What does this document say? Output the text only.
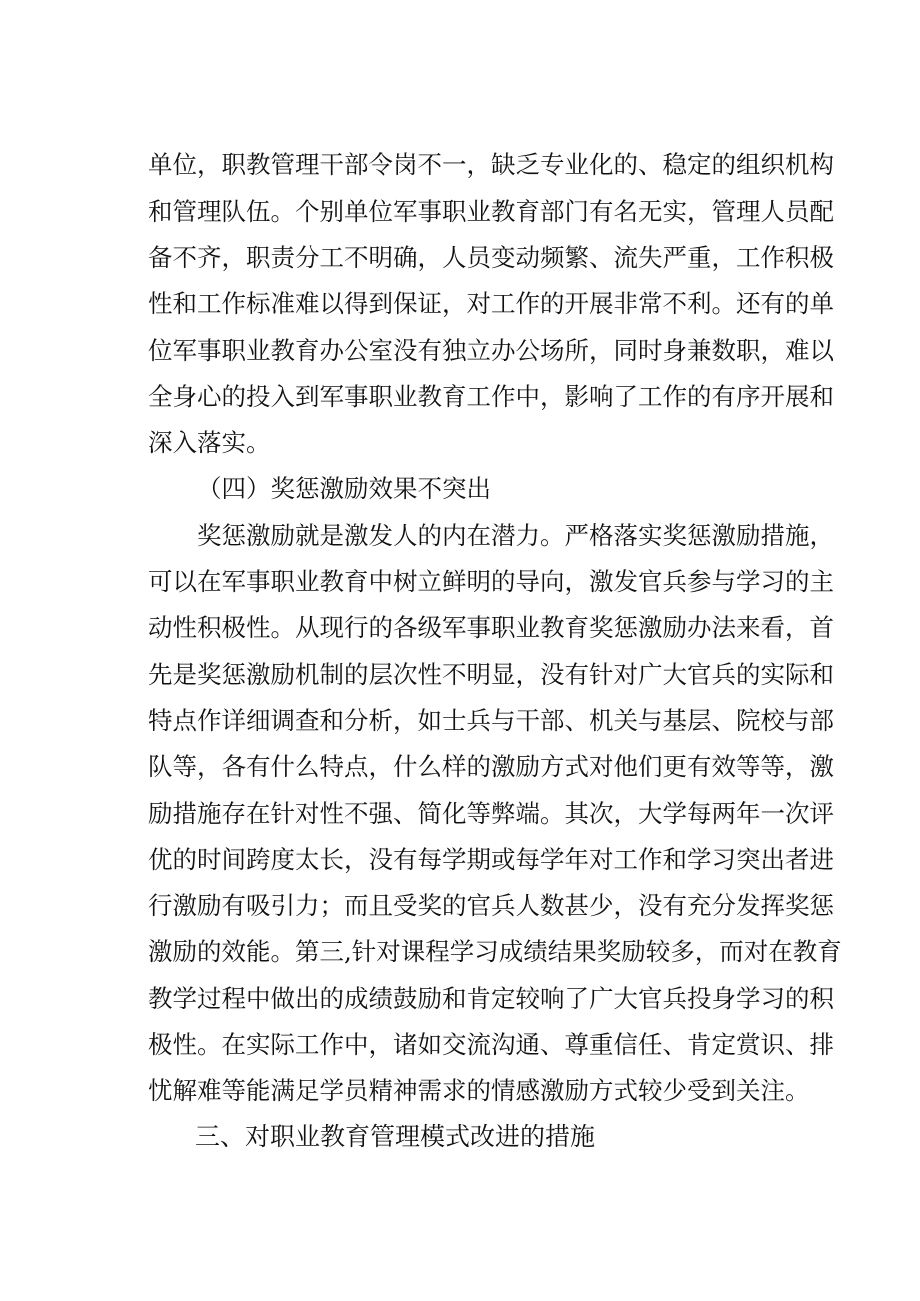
单位，职教管理干部令岗不一，缺乏专业化的、稳定的组织机构
和管理队伍。个别单位军事职业教育部门有名无实，管理人员配
备不齐，职责分工不明确，人员变动频繁、流失严重，工作积极
性和工作标准难以得到保证，对工作的开展非常不利。还有的单
位军事职业教育办公室没有独立办公场所，同时身兼数职，难以
全身心的投入到军事职业教育工作中，影响了工作的有序开展和
深入落实。
（四）奖惩激励效果不突出
奖惩激励就是激发人的内在潜力。严格落实奖惩激励措施，
可以在军事职业教育中树立鲜明的导向，激发官兵参与学习的主
动性积极性。从现行的各级军事职业教育奖惩激励办法来看，首
先是奖惩激励机制的层次性不明显，没有针对广大官兵的实际和
特点作详细调查和分析，如士兵与干部、机关与基层、院校与部
队等，各有什么特点，什么样的激励方式对他们更有效等等，激
励措施存在针对性不强、简化等弊端。其次，大学每两年一次评
优的时间跨度太长，没有每学期或每学年对工作和学习突出者进
行激励有吸引力；而且受奖的官兵人数甚少，没有充分发挥奖惩
激励的效能。第三,针对课程学习成绩结果奖励较多，而对在教育
教学过程中做出的成绩鼓励和肯定较响了广大官兵投身学习的积
极性。在实际工作中，诸如交流沟通、尊重信任、肯定赏识、排
忧解难等能满足学员精神需求的情感激励方式较少受到关注。
三、对职业教育管理模式改进的措施
